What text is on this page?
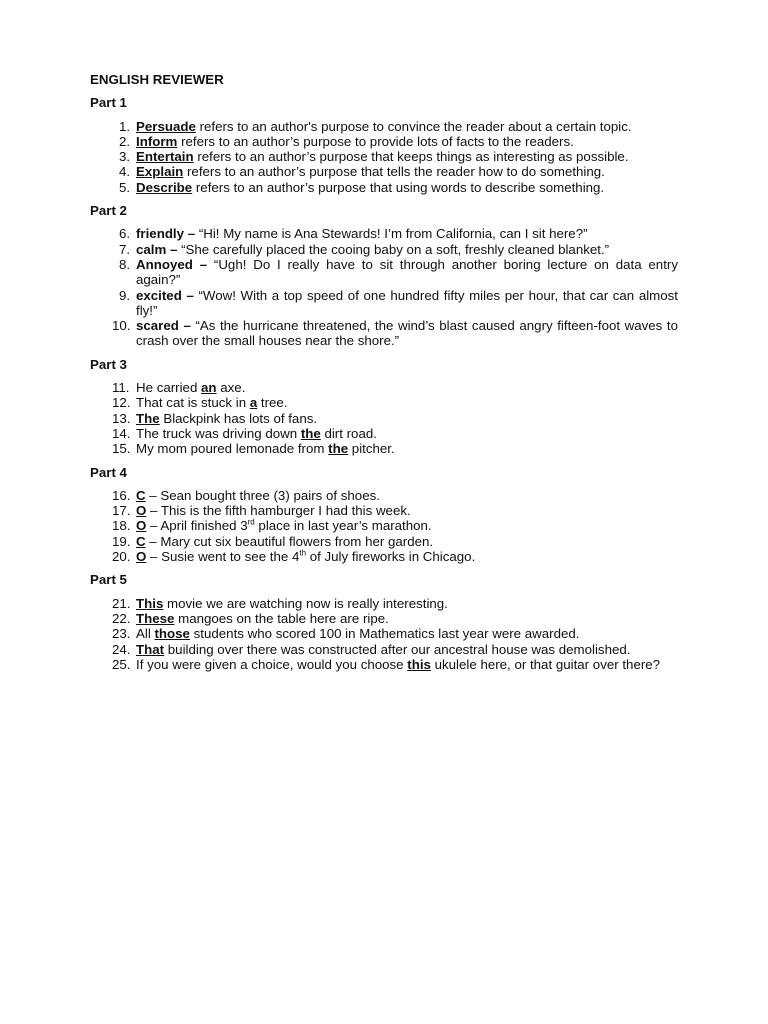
ENGLISH REVIEWER
Part 1
1. Persuade refers to an author's purpose to convince the reader about a certain topic.
2. Inform refers to an author’s purpose to provide lots of facts to the readers.
3. Entertain refers to an author’s purpose that keeps things as interesting as possible.
4. Explain refers to an author’s purpose that tells the reader how to do something.
5. Describe refers to an author’s purpose that using words to describe something.
Part 2
6. friendly – “Hi! My name is Ana Stewards! I’m from California, can I sit here?”
7. calm – “She carefully placed the cooing baby on a soft, freshly cleaned blanket.”
8. Annoyed – “Ugh! Do I really have to sit through another boring lecture on data entry again?”
9. excited – “Wow! With a top speed of one hundred fifty miles per hour, that car can almost fly!”
10. scared – “As the hurricane threatened, the wind’s blast caused angry fifteen-foot waves to crash over the small houses near the shore.”
Part 3
11. He carried an axe.
12. That cat is stuck in a tree.
13. The Blackpink has lots of fans.
14. The truck was driving down the dirt road.
15. My mom poured lemonade from the pitcher.
Part 4
16. C – Sean bought three (3) pairs of shoes.
17. O – This is the fifth hamburger I had this week.
18. O – April finished 3rd place in last year’s marathon.
19. C – Mary cut six beautiful flowers from her garden.
20. O – Susie went to see the 4th of July fireworks in Chicago.
Part 5
21. This movie we are watching now is really interesting.
22. These mangoes on the table here are ripe.
23. All those students who scored 100 in Mathematics last year were awarded.
24. That building over there was constructed after our ancestral house was demolished.
25. If you were given a choice, would you choose this ukulele here, or that guitar over there?
